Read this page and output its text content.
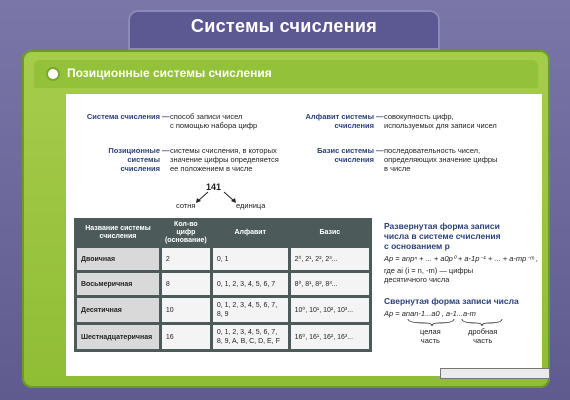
Системы счисления
Позиционные системы счисления
Система счисления — способ записи чисел
с помощью набора цифр
Алфавит системы
счисления
— совокупность цифр,
используемых для записи чисел
Позиционные
системы
счисления
— системы счисления, в которых
значение цифры определяется
ее положением в числе
Базис системы
счисления
— последовательность чисел,
определяющих значение цифры
в числе
141
сотня	единица
Название системы
счисления	Кол-во цифр
(основание)	Алфавит	Базис
Двоичная	2	0, 1	2⁰, 2¹, 2², 2³...
Восьмеричная	8	0, 1, 2, 3, 4, 5, 6, 7	8⁰, 8¹, 8², 8³...
Десятичная	10	0, 1, 2, 3, 4, 5, 6, 7,
8, 9	10⁰, 10¹, 10², 10³...
Шестнадцатеричная	16	0, 1, 2, 3, 4, 5, 6, 7,
8, 9, A, B, C, D, E, F	16⁰, 16¹, 16², 16³...
Развернутая форма записи
числа в системе счисления
с основанием p
Ap = anpⁿ + ... + a0p⁰ + a-1p⁻¹ + ... + a-mp⁻ᵐ ,
где ai (i = n, -m) — цифры
десятичного числа
Свернутая форма записи числа
Ap = anan-1...a0 , a-1...a-m
целая
часть
дробная
часть
